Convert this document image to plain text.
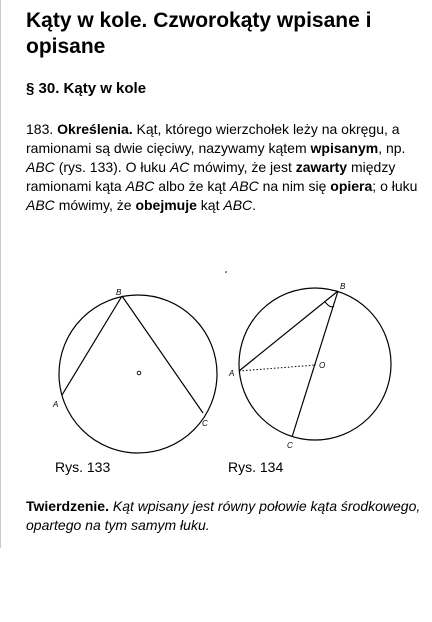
Kąty w kole. Czworokąty wpisane i opisane
§ 30. Kąty w kole

183. Określenia. Kąt, którego wierzchołek leży na okręgu, a ramionami są dwie cięciwy, nazywamy kątem wpisanym, np. ABC (rys. 133). O łuku AC mówimy, że jest zawarty między ramionami kąta ABC albo że kąt ABC na nim się opiera; o łuku ABC mówimy, że obejmuje kąt ABC.

B
A
C
B
A
O
C
Rys. 133	Rys. 134

Twierdzenie. Kąt wpisany jest równy połowie kąta środkowego, opartego na tym samym łuku.
